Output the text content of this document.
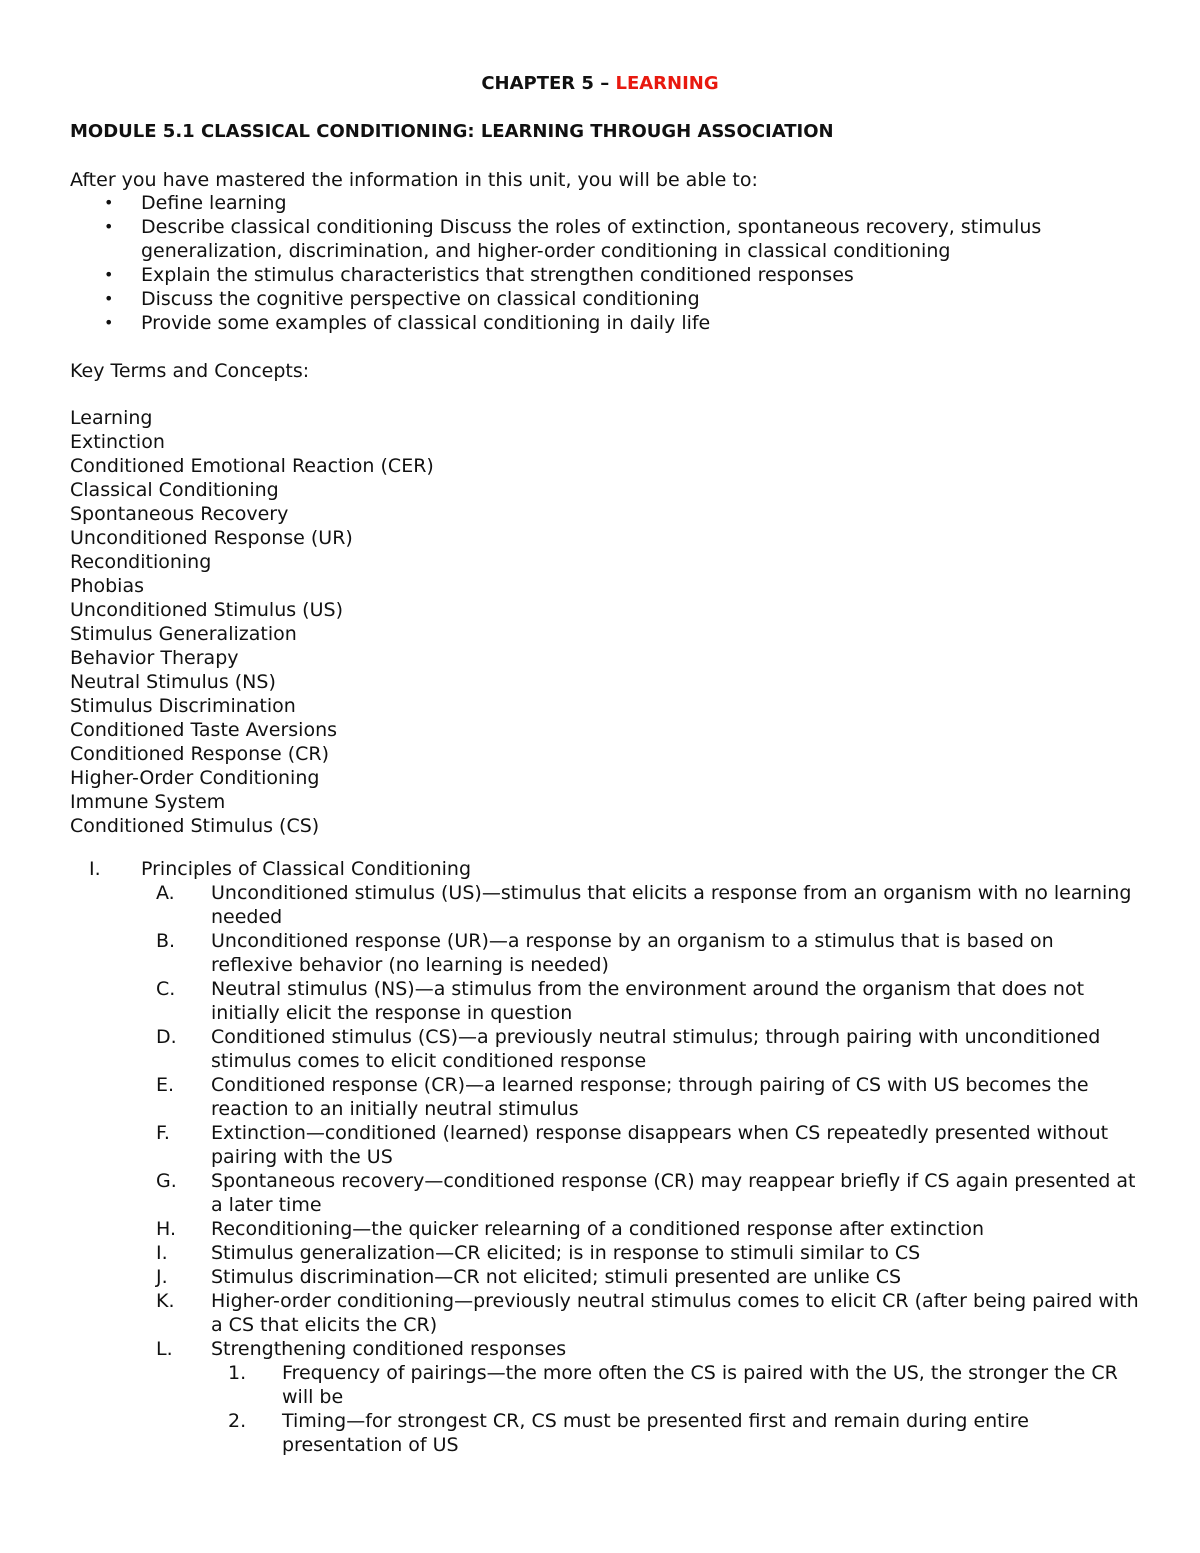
CHAPTER 5 – LEARNING
MODULE 5.1 CLASSICAL CONDITIONING: LEARNING THROUGH ASSOCIATION
After you have mastered the information in this unit, you will be able to:
• Define learning
• Describe classical conditioning Discuss the roles of extinction, spontaneous recovery, stimulus generalization, discrimination, and higher-order conditioning in classical conditioning
• Explain the stimulus characteristics that strengthen conditioned responses
• Discuss the cognitive perspective on classical conditioning
• Provide some examples of classical conditioning in daily life
Key Terms and Concepts:
Learning
Extinction
Conditioned Emotional Reaction (CER)
Classical Conditioning
Spontaneous Recovery
Unconditioned Response (UR)
Reconditioning
Phobias
Unconditioned Stimulus (US)
Stimulus Generalization
Behavior Therapy
Neutral Stimulus (NS)
Stimulus Discrimination
Conditioned Taste Aversions
Conditioned Response (CR)
Higher-Order Conditioning
Immune System
Conditioned Stimulus (CS)
I. Principles of Classical Conditioning
A. Unconditioned stimulus (US)—stimulus that elicits a response from an organism with no learning needed
B. Unconditioned response (UR)—a response by an organism to a stimulus that is based on reflexive behavior (no learning is needed)
C. Neutral stimulus (NS)—a stimulus from the environment around the organism that does not initially elicit the response in question
D. Conditioned stimulus (CS)—a previously neutral stimulus; through pairing with unconditioned stimulus comes to elicit conditioned response
E. Conditioned response (CR)—a learned response; through pairing of CS with US becomes the reaction to an initially neutral stimulus
F.	Extinction—conditioned (learned) response disappears when CS repeatedly presented without pairing with the US
G. Spontaneous recovery—conditioned response (CR) may reappear briefly if CS again presented at a later time
H. Reconditioning—the quicker relearning of a conditioned response after extinction
I.	Stimulus generalization—CR elicited; is in response to stimuli similar to CS
J.	Stimulus discrimination—CR not elicited; stimuli presented are unlike CS
K. Higher-order conditioning—previously neutral stimulus comes to elicit CR (after being paired with a CS that elicits the CR)
L. Strengthening conditioned responses
1. Frequency of pairings—the more often the CS is paired with the US, the stronger the CR will be
2. Timing—for strongest CR, CS must be presented first and remain during entire presentation of US
